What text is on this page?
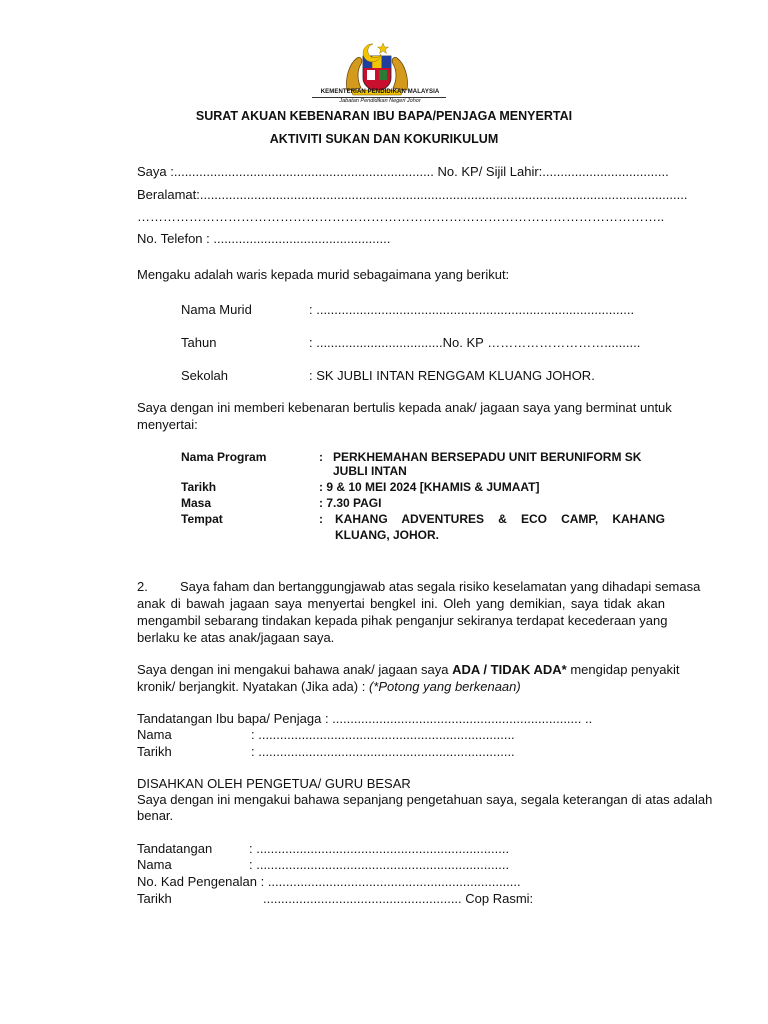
KEMENTERIAN PENDIDIKAN MALAYSIA
Jabatan Pendidikan Negeri Johor
SURAT AKUAN KEBENARAN IBU BAPA/PENJAGA MENYERTAI
AKTIVITI SUKAN DAN KOKURIKULUM
Saya :........................................................................ No. KP/ Sijil Lahir:...................................
Beralamat:.......................................................................................................................................
…………………………………………………………………………………………………………..
No. Telefon : .................................................
Mengaku adalah waris kepada murid sebagaimana yang berikut:
Nama Murid	: ........................................................................................
Tahun	: ...................................No. KP ………………………..........
Sekolah	: SK JUBLI INTAN RENGGAM KLUANG JOHOR.
Saya dengan ini memberi kebenaran bertulis kepada anak/ jagaan saya yang berminat untuk
menyertai:
Nama Program	: PERKHEMAHAN BERSEPADU UNIT BERUNIFORM SK
JUBLI INTAN
Tarikh	: 9 & 10 MEI 2024 [KHAMIS & JUMAAT]
Masa	: 7.30 PAGI
Tempat	: KAHANG ADVENTURES & ECO CAMP, KAHANG
KLUANG, JOHOR.
2. Saya faham dan bertanggungjawab atas segala risiko keselamatan yang dihadapi semasa
anak di bawah jagaan saya menyertai bengkel ini. Oleh yang demikian, saya tidak akan
mengambil sebarang tindakan kepada pihak penganjur sekiranya terdapat kecederaan yang
berlaku ke atas anak/jagaan saya.
Saya dengan ini mengakui bahawa anak/ jagaan saya ADA / TIDAK ADA* mengidap penyakit
kronik/ berjangkit. Nyatakan (Jika ada) : (*Potong yang berkenaan)
Tandatangan Ibu bapa/ Penjaga : ..................................................................... ..
Nama	: .......................................................................
Tarikh	: .......................................................................
DISAHKAN OLEH PENGETUA/ GURU BESAR
Saya dengan ini mengakui bahawa sepanjang pengetahuan saya, segala keterangan di atas adalah
benar.
Tandatangan	: ......................................................................
Nama	: ......................................................................
No. Kad Pengenalan : ......................................................................
Tarikh	....................................................... Cop Rasmi:
